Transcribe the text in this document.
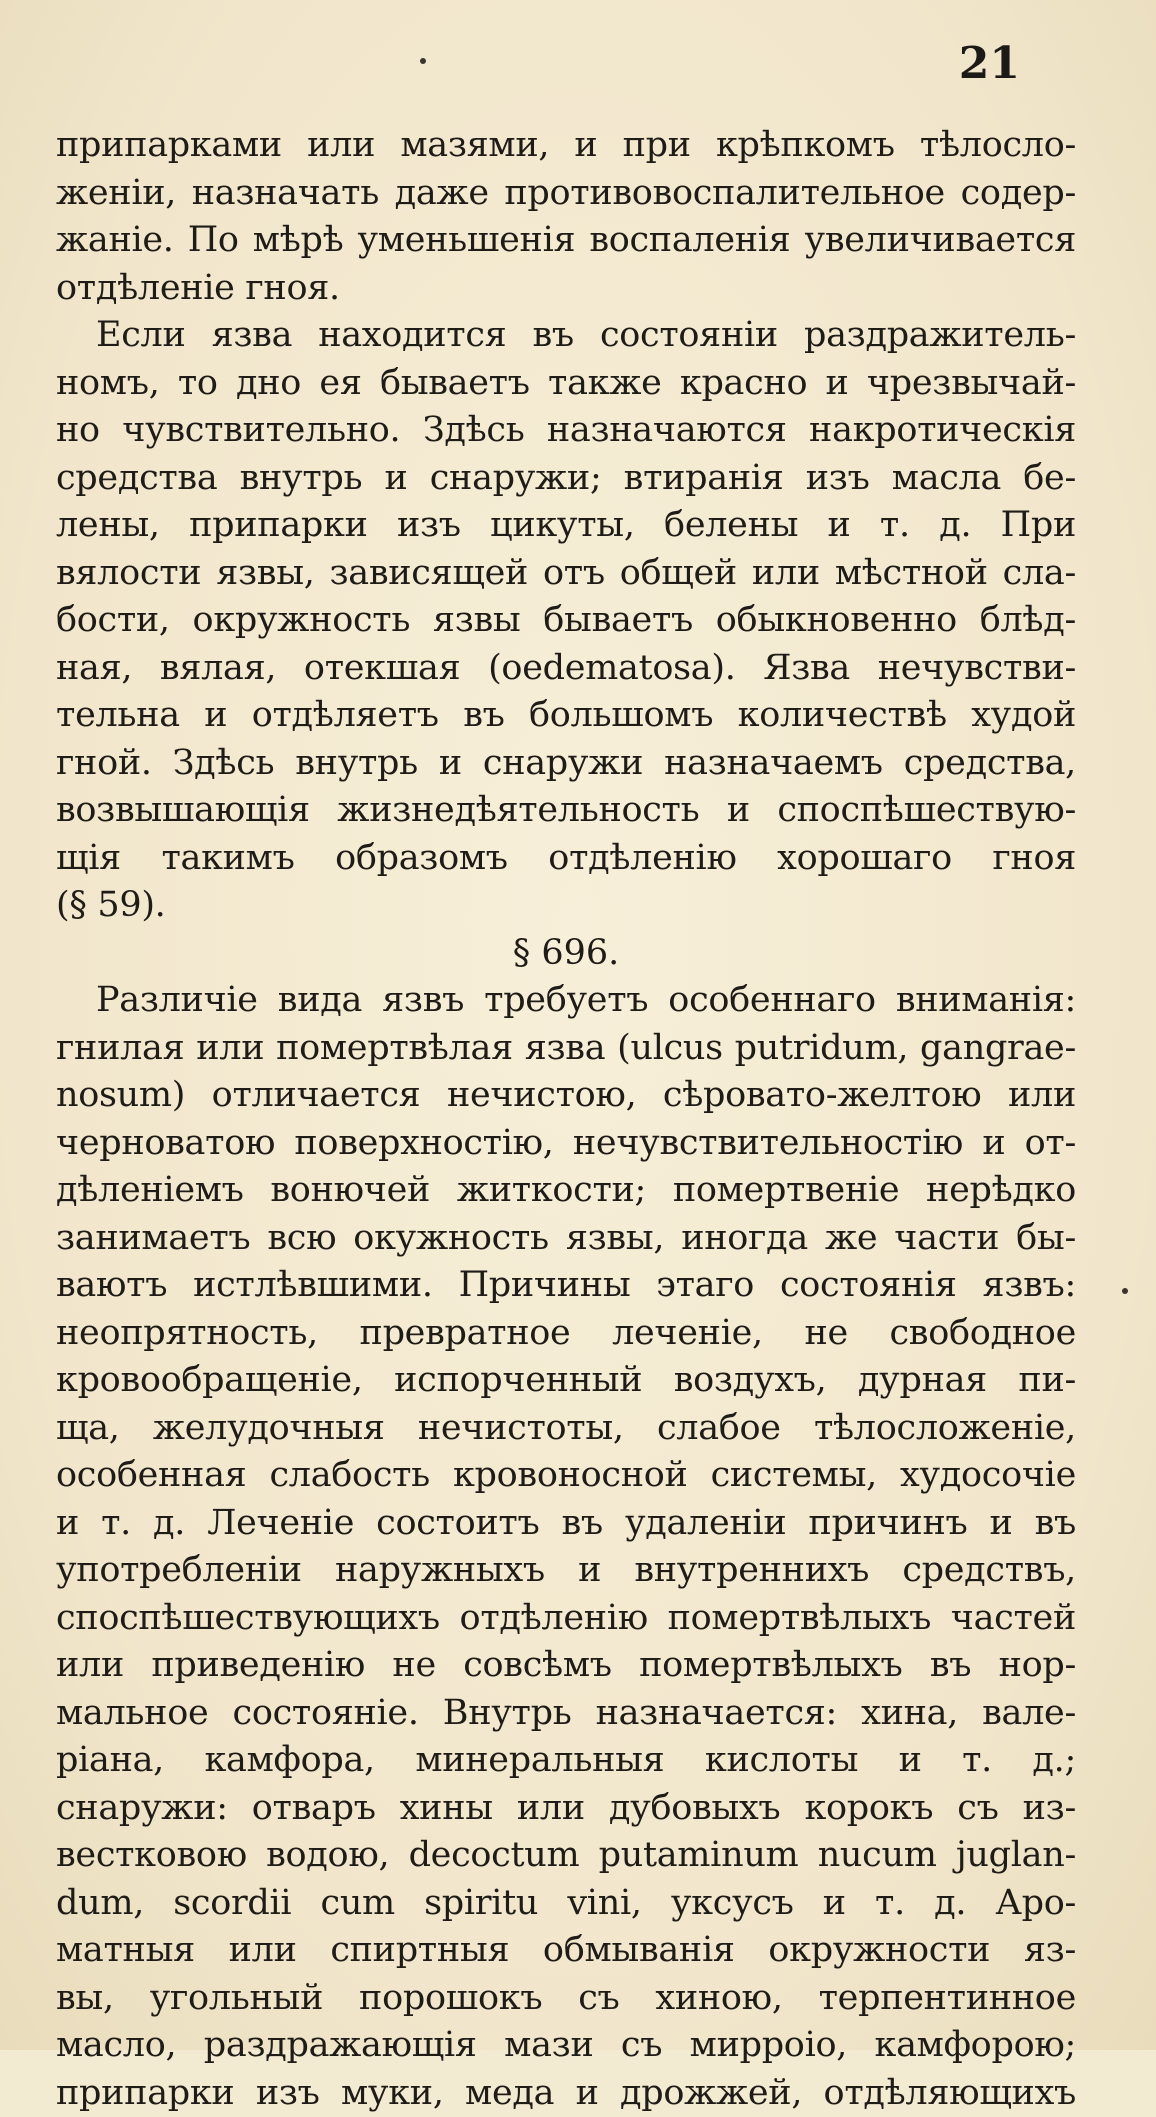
21
припарками или мазями, и при крѣпкомъ тѣлосло-
женіи, назначать даже противовоспалительное содер-
жаніе. По мѣрѣ уменьшенія воспаленія увеличивается
отдѣленіе гноя.
Если язва находится въ состояніи раздражитель-
номъ, то дно ея бываетъ также красно и чрезвычай-
но чувствительно. Здѣсь назначаются накротическія
средства внутрь и снаружи; втиранія изъ масла бе-
лены, припарки изъ цикуты, белены и т. д. При
вялости язвы, зависящей отъ общей или мѣстной сла-
бости, окружность язвы бываетъ обыкновенно блѣд-
ная, вялая, отекшая (oedematosa). Язва нечувстви-
тельна и отдѣляетъ въ большомъ количествѣ худой
гной. Здѣсь внутрь и снаружи назначаемъ средства,
возвышающія жизнедѣятельность и споспѣшествую-
щія такимъ образомъ отдѣленію хорошаго гноя
(§ 59).
§ 696.
Различіе вида язвъ требуетъ особеннаго вниманія:
гнилая или помертвѣлая язва (ulcus putridum, gangrae-
nosum) отличается нечистою, сѣровато-желтою или
черноватою поверхностію, нечувствительностію и от-
дѣленіемъ вонючей житкости; помертвеніе нерѣдко
занимаетъ всю окужность язвы, иногда же части бы-
ваютъ истлѣвшими. Причины этаго состоянія язвъ:
неопрятность, превратное леченіе, не свободное
кровообращеніе, испорченный воздухъ, дурная пи-
ща, желудочныя нечистоты, слабое тѣлосложеніе,
особенная слабость кровоносной системы, худосочіе
и т. д. Леченіе состоитъ въ удаленіи причинъ и въ
употребленіи наружныхъ и внутреннихъ средствъ,
споспѣшествующихъ отдѣленію помертвѣлыхъ частей
или приведенію не совсѣмъ помертвѣлыхъ въ нор-
мальное состояніе. Внутрь назначается: хина, вале-
ріана, камфора, минеральныя кислоты и т. д.;
снаружи: отваръ хины или дубовыхъ корокъ съ из-
вестковою водою, decoctum putaminum nucum juglan-
dum, scordii cum spiritu vini, уксусъ и т. д. Аро-
матныя или спиртныя обмыванія окружности яз-
вы, угольный порошокъ съ хиною, терпентинное
масло, раздражающія мази съ мирроіо, камфорою;
припарки изъ муки, меда и дрожжей, отдѣляющихъ
